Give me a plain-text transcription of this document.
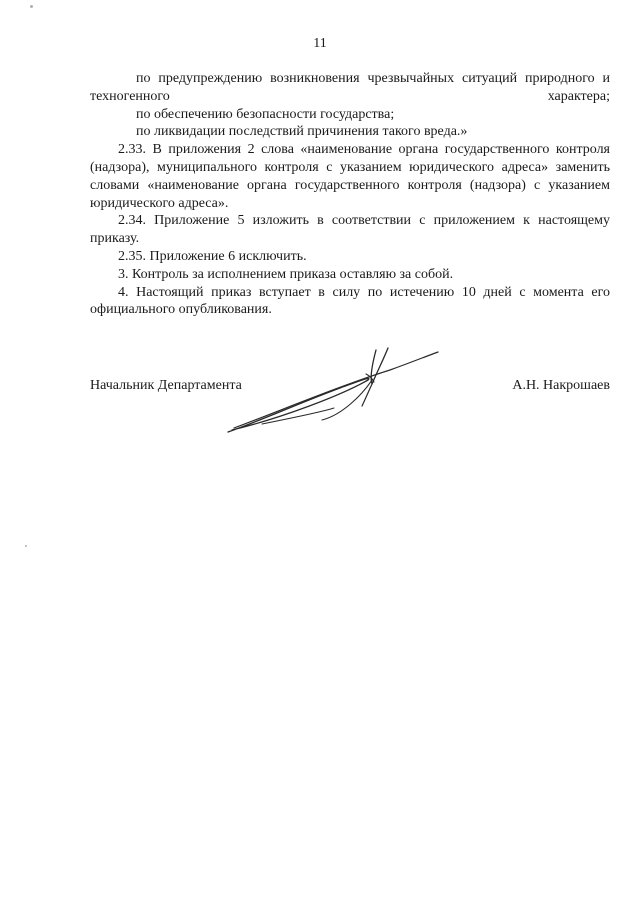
11

по предупреждению возникновения чрезвычайных ситуаций природного и техногенного характера;

по обеспечению безопасности государства;

по ликвидации последствий причинения такого вреда.»

2.33. В приложения 2 слова «наименование органа государственного контроля (надзора), муниципального контроля с указанием юридического адреса» заменить словами «наименование органа государственного контроля (надзора) с указанием юридического адреса».

2.34. Приложение 5 изложить в соответствии с приложением к настоящему приказу.

2.35. Приложение 6 исключить.

3. Контроль за исполнением приказа оставляю за собой.

4. Настоящий приказ вступает в силу по истечению 10 дней с момента его официального опубликования.

Начальник Департамента	А.Н. Накрошаев
